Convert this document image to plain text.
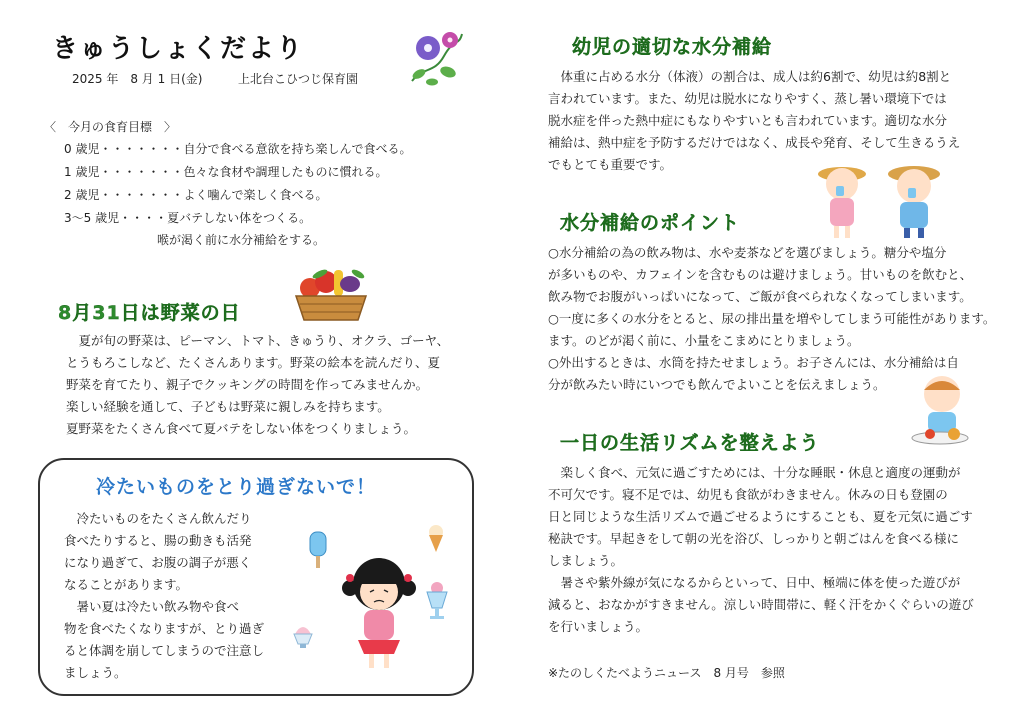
きゅうしょくだより
2025 年　8 月 1 日(金)	上北台こひつじ保育園
〈　今月の食育目標　〉
0 歳児・・・・・・・自分で食べる意欲を持ち楽しんで食べる。
1 歳児・・・・・・・色々な食材や調理したものに慣れる。
2 歳児・・・・・・・よく噛んで楽しく食べる。
3～5 歳児・・・・夏バテしない体をつくる。
喉が渇く前に水分補給をする。
8月31日は野菜の日

　夏が旬の野菜は、ピーマン、トマト、きゅうり、オクラ、ゴーヤ、

とうもろこしなど、たくさんあります。野菜の絵本を読んだり、夏

野菜を育てたり、親子でクッキングの時間を作ってみませんか。

楽しい経験を通して、子どもは野菜に親しみを持ちます。

夏野菜をたくさん食べて夏バテをしない体をつくりましょう。

冷たいものをとり過ぎないで！

　冷たいものをたくさん飲んだり

食べたりすると、腸の動きも活発

になり過ぎて、お腹の調子が悪く

なることがあります。

　暑い夏は冷たい飲み物や食べ

物を食べたくなりますが、とり過ぎ

ると体調を崩してしまうので注意し

ましょう。

幼児の適切な水分補給

　体重に占める水分（体液）の割合は、成人は約6割で、幼児は約8割と

言われています。また、幼児は脱水になりやすく、蒸し暑い環境下では

脱水症を伴った熱中症にもなりやすいとも言われています。適切な水分

補給は、熱中症を予防するだけではなく、成長や発育、そして生きるうえ

でもとても重要です。

水分補給のポイント

○水分補給の為の飲み物は、水や麦茶などを選びましょう。糖分や塩分

が多いものや、カフェインを含むものは避けましょう。甘いものを飲むと、

飲み物でお腹がいっぱいになって、ご飯が食べられなくなってしまいます。

○一度に多くの水分をとると、尿の排出量を増やしてしまう可能性があります。

ます。のどが渇く前に、小量をこまめにとりましょう。

○外出するときは、水筒を持たせましょう。お子さんには、水分補給は自

分が飲みたい時にいつでも飲んでよいことを伝えましょう。

一日の生活リズムを整えよう

　楽しく食べ、元気に過ごすためには、十分な睡眠・休息と適度の運動が

不可欠です。寝不足では、幼児も食欲がわきません。休みの日も登園の

日と同じような生活リズムで過ごせるようにすることも、夏を元気に過ごす

秘訣です。早起きをして朝の光を浴び、しっかりと朝ごはんを食べる様に

しましょう。

　暑さや紫外線が気になるからといって、日中、極端に体を使った遊びが

減ると、おなかがすきません。涼しい時間帯に、軽く汗をかくぐらいの遊び

を行いましょう。

※たのしくたべようニュース　8 月号　参照
